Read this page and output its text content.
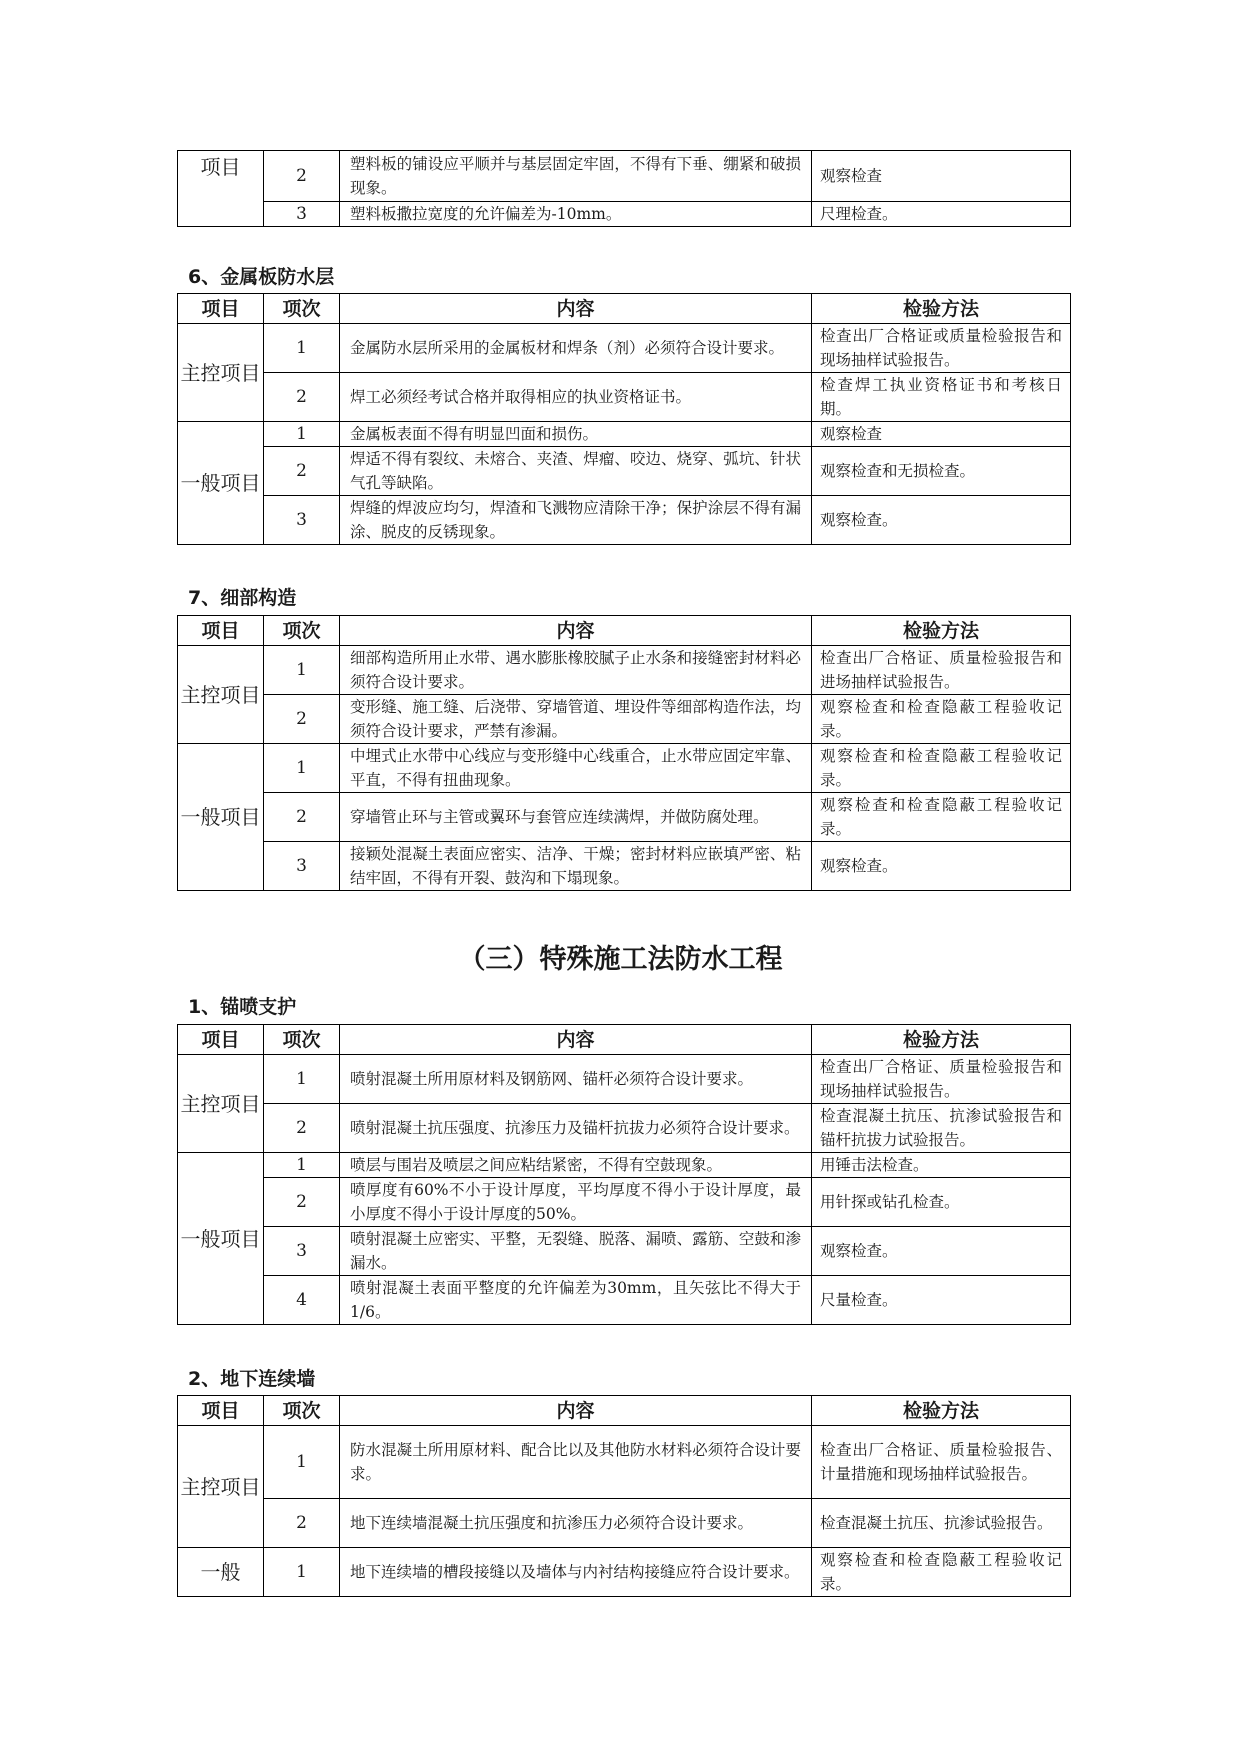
项目	2	塑料板的铺设应平顺并与基层固定牢固，不得有下垂、绷紧和破损现象。	观察检查
	3	塑料板撒拉宽度的允许偏差为-10mm。	尺理检查。
6、金属板防水层
项目	项次	内容	检验方法
主控项目	1	金属防水层所采用的金属板材和焊条（剂）必须符合设计要求。	检查出厂合格证或质量检验报告和现场抽样试验报告。
	2	焊工必须经考试合格并取得相应的执业资格证书。	检查焊工执业资格证书和考核日期。
一般项目	1	金属板表面不得有明显凹面和损伤。	观察检查
	2	焊适不得有裂纹、未熔合、夹渣、焊瘤、咬边、烧穿、弧坑、针状气孔等缺陷。	观察检查和无损检查。
	3	焊缝的焊波应均匀，焊渣和飞溅物应清除干净；保护涂层不得有漏涂、脱皮的反锈现象。	观察检查。
7、细部构造
项目	项次	内容	检验方法
主控项目	1	细部构造所用止水带、遇水膨胀橡胶腻子止水条和接缝密封材料必须符合设计要求。	检查出厂合格证、质量检验报告和进场抽样试验报告。
	2	变形缝、施工缝、后浇带、穿墙管道、埋设件等细部构造作法，均须符合设计要求，严禁有渗漏。	观察检查和检查隐蔽工程验收记录。
一般项目	1	中埋式止水带中心线应与变形缝中心线重合，止水带应固定牢靠、平直，不得有扭曲现象。	观察检查和检查隐蔽工程验收记录。
	2	穿墙管止环与主管或翼环与套管应连续满焊，并做防腐处理。	观察检查和检查隐蔽工程验收记录。
	3	接颖处混凝土表面应密实、洁净、干燥；密封材料应嵌填严密、粘结牢固，不得有开裂、鼓沟和下塌现象。	观察检查。
（三）特殊施工法防水工程
1、锚喷支护
项目	项次	内容	检验方法
主控项目	1	喷射混凝土所用原材料及钢筋网、锚杆必须符合设计要求。	检查出厂合格证、质量检验报告和现场抽样试验报告。
	2	喷射混凝土抗压强度、抗渗压力及锚杆抗拔力必须符合设计要求。	检查混凝土抗压、抗渗试验报告和锚杆抗拔力试验报告。
一般项目	1	喷层与围岩及喷层之间应粘结紧密，不得有空鼓现象。	用锤击法检查。
	2	喷厚度有60%不小于设计厚度，平均厚度不得小于设计厚度，最小厚度不得小于设计厚度的50%。	用针探或钻孔检查。
	3	喷射混凝土应密实、平整，无裂缝、脱落、漏喷、露筋、空鼓和渗漏水。	观察检查。
	4	喷射混凝土表面平整度的允许偏差为30mm，且矢弦比不得大于1/6。	尺量检查。
2、地下连续墙
项目	项次	内容	检验方法
主控项目	1	防水混凝土所用原材料、配合比以及其他防水材料必须符合设计要求。	检查出厂合格证、质量检验报告、计量措施和现场抽样试验报告。
	2	地下连续墙混凝土抗压强度和抗渗压力必须符合设计要求。	检查混凝土抗压、抗渗试验报告。
一般	1	地下连续墙的槽段接缝以及墙体与内衬结构接缝应符合设计要求。	观察检查和检查隐蔽工程验收记录。
